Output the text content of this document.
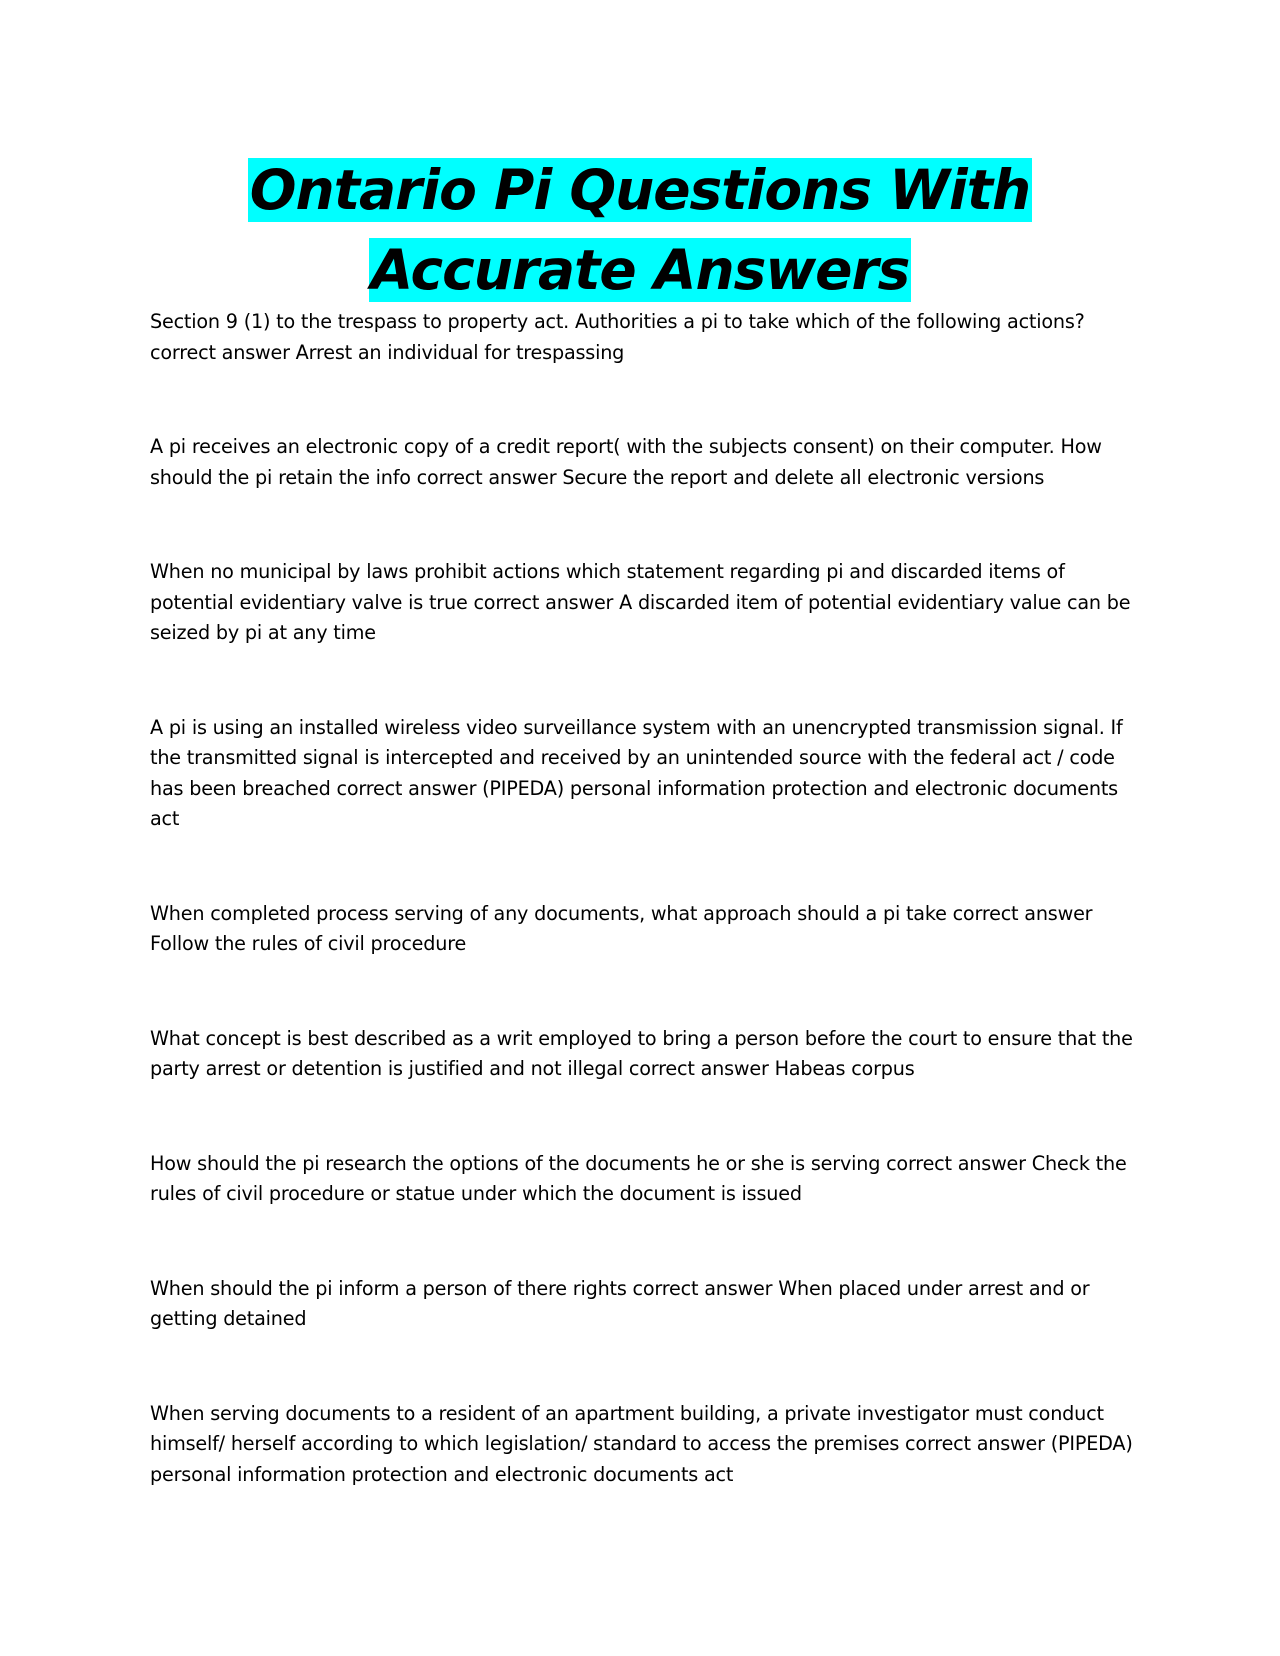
Ontario Pi Questions With Accurate Answers

Section 9 (1) to the trespass to property act. Authorities a pi to take which of the following actions? correct answer Arrest an individual for trespassing

A pi receives an electronic copy of a credit report( with the subjects consent) on their computer. How should the pi retain the info correct answer Secure the report and delete all electronic versions

When no municipal by laws prohibit actions which statement regarding pi and discarded items of potential evidentiary valve is true correct answer A discarded item of potential evidentiary value can be seized by pi at any time

A pi is using an installed wireless video surveillance system with an unencrypted transmission signal. If the transmitted signal is intercepted and received by an unintended source with the federal act / code has been breached correct answer (PIPEDA) personal information protection and electronic documents act

When completed process serving of any documents, what approach should a pi take correct answer Follow the rules of civil procedure

What concept is best described as a writ employed to bring a person before the court to ensure that the party arrest or detention is justified and not illegal correct answer Habeas corpus

How should the pi research the options of the documents he or she is serving correct answer Check the rules of civil procedure or statue under which the document is issued

When should the pi inform a person of there rights correct answer When placed under arrest and or getting detained

When serving documents to a resident of an apartment building, a private investigator must conduct himself/ herself according to which legislation/ standard to access the premises correct answer (PIPEDA) personal information protection and electronic documents act
